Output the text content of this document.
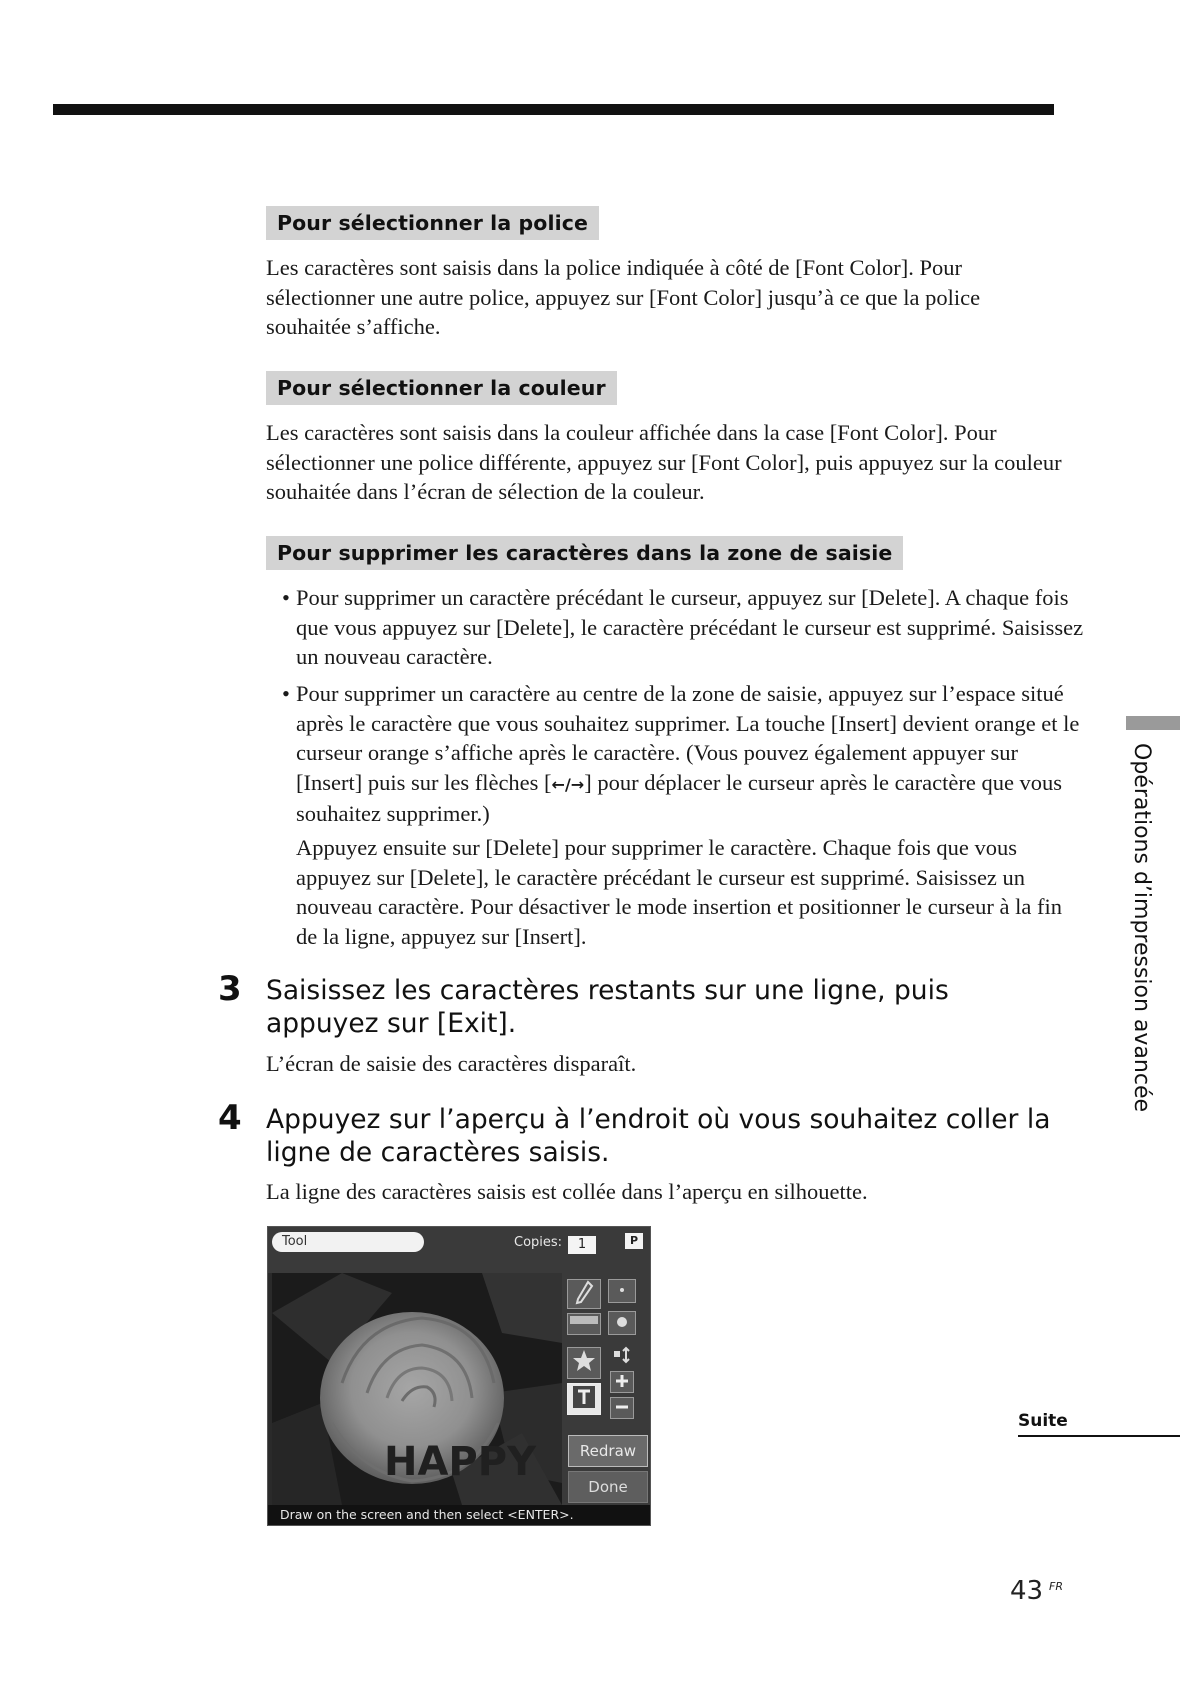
Pour sélectionner la police

Les caractères sont saisis dans la police indiquée à côté de [Font Color]. Pour sélectionner une autre police, appuyez sur [Font Color] jusqu’à ce que la police souhaitée s’affiche.

Pour sélectionner la couleur

Les caractères sont saisis dans la couleur affichée dans la case [Font Color]. Pour sélectionner une police différente, appuyez sur [Font Color], puis appuyez sur la couleur souhaitée dans l’écran de sélection de la couleur.

Pour supprimer les caractères dans la zone de saisie

• Pour supprimer un caractère précédant le curseur, appuyez sur [Delete]. A chaque fois que vous appuyez sur [Delete], le caractère précédant le curseur est supprimé. Saisissez un nouveau caractère.

• Pour supprimer un caractère au centre de la zone de saisie, appuyez sur l’espace situé après le caractère que vous souhaitez supprimer. La touche [Insert] devient orange et le curseur orange s’affiche après le caractère. (Vous pouvez également appuyer sur [Insert] puis sur les flèches [←/→] pour déplacer le curseur après le caractère que vous souhaitez supprimer.)

Appuyez ensuite sur [Delete] pour supprimer le caractère. Chaque fois que vous appuyez sur [Delete], le caractère précédant le curseur est supprimé. Saisissez un nouveau caractère. Pour désactiver le mode insertion et positionner le curseur à la fin de la ligne, appuyez sur [Insert].

3 Saisissez les caractères restants sur une ligne, puis appuyez sur [Exit].

L’écran de saisie des caractères disparaît.

4 Appuyez sur l’aperçu à l’endroit où vous souhaitez coller la ligne de caractères saisis.

La ligne des caractères saisis est collée dans l’aperçu en silhouette.

Tool	Copies:	1	P
HAPPY	Redraw
Done
Draw on the screen and then select <ENTER>.
Opérations d’impression avancée
Suite
43 FR
